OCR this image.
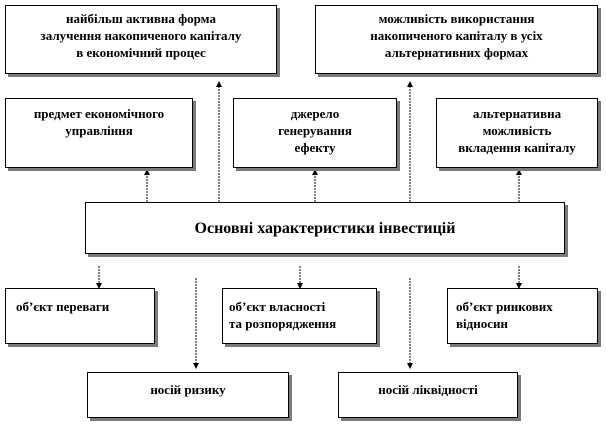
найбільш активна форма
залучення накопиченого капіталу
в економічний процес
можливість використання
накопиченого капіталу в усіх
альтернативних формах
предмет економічного
управління
джерело
генерування
ефекту
альтернативна
можливість
вкладення капіталу
Основні характеристики інвестицій
об’єкт переваги	об’єкт власності
та розпорядження
об’єкт ринкових
відносин
носій ризику	носій ліквідності
